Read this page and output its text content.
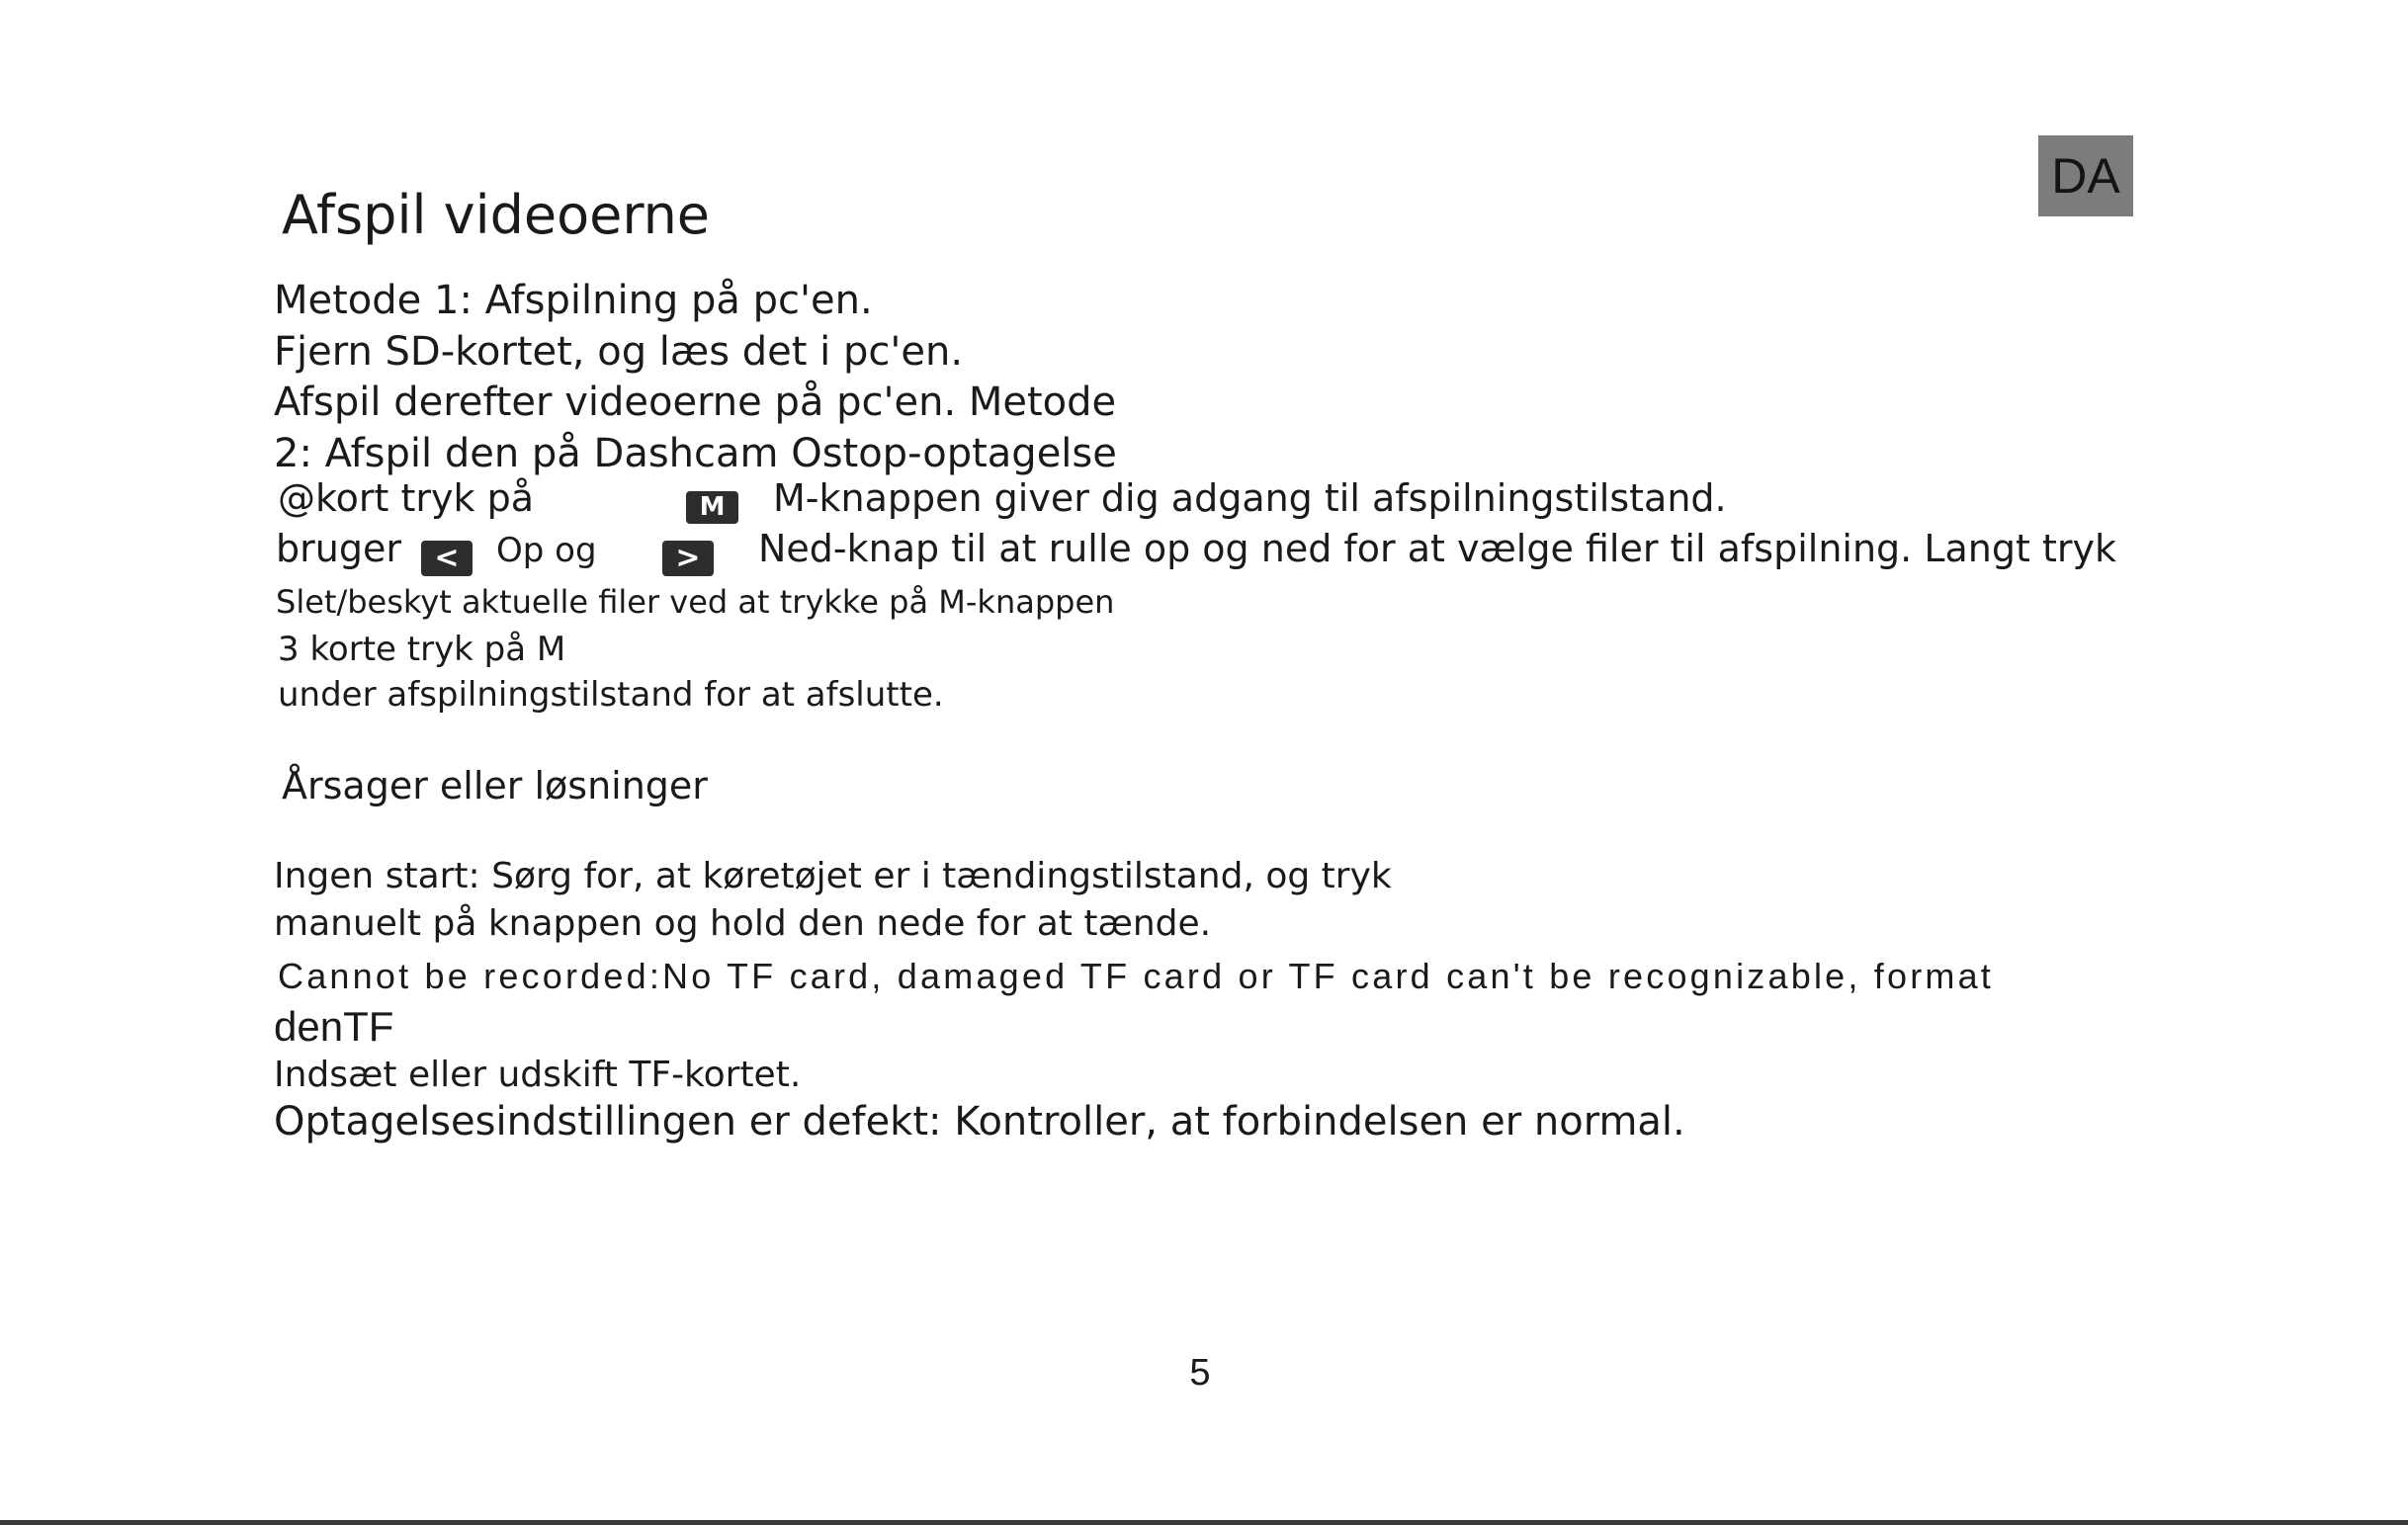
DA
Afspil videoerne
Metode 1: Afspilning på pc'en.
Fjern SD-kortet, og læs det i pc'en.
Afspil derefter videoerne på pc'en. Metode
2: Afspil den på Dashcam Ostop-optagelse
@kort tryk på	M	M-knappen giver dig adgang til afspilningstilstand.
bruger	<	Op og	>	Ned-knap til at rulle op og ned for at vælge filer til afspilning. Langt tryk
Slet/beskyt aktuelle filer ved at trykke på M-knappen
3 korte tryk på M
under afspilningstilstand for at afslutte.
Årsager eller løsninger
Ingen start: Sørg for, at køretøjet er i tændingstilstand, og tryk
manuelt på knappen og hold den nede for at tænde.
Cannot be recorded:No TF card, damaged TF card or TF card can't be recognizable, format
denTF
Indsæt eller udskift TF-kortet.
Optagelsesindstillingen er defekt: Kontroller, at forbindelsen er normal.
5
